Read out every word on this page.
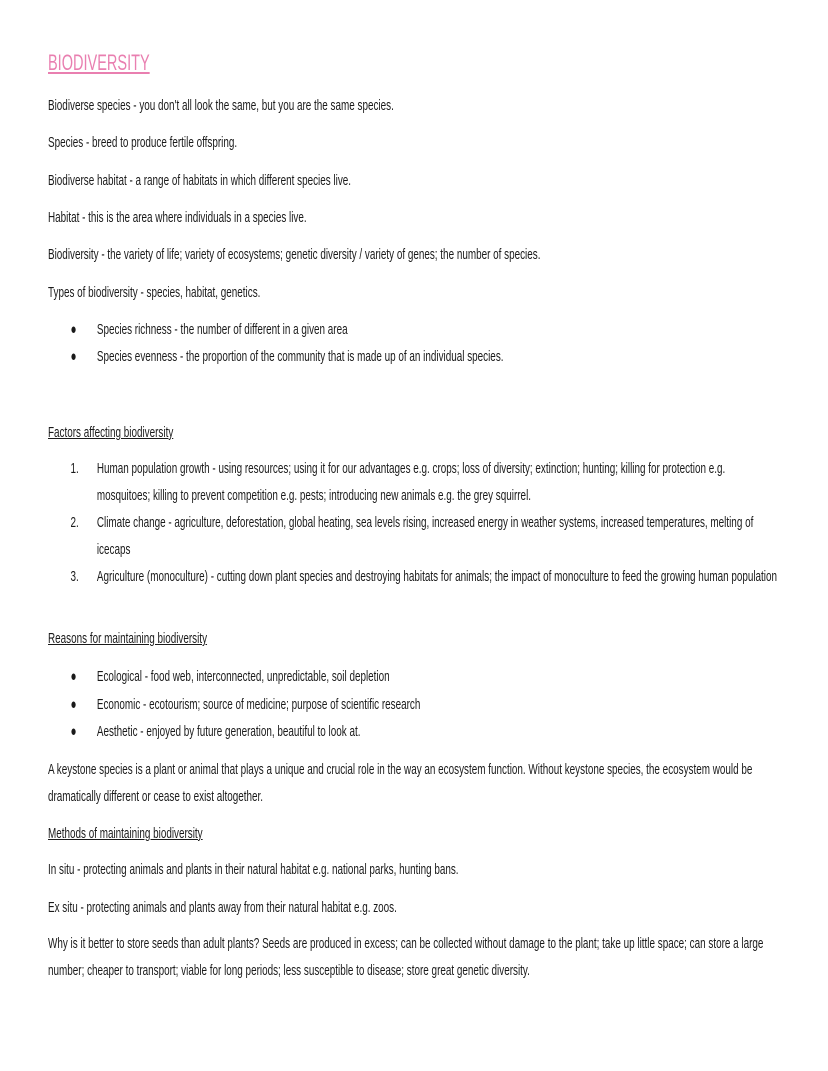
BIODIVERSITY

Biodiverse species - you don't all look the same, but you are the same species.

Species - breed to produce fertile offspring.

Biodiverse habitat - a range of habitats in which different species live.

Habitat - this is the area where individuals in a species live.

Biodiversity - the variety of life; variety of ecosystems; genetic diversity / variety of genes; the number of species.

Types of biodiversity - species, habitat, genetics.

● Species richness - the number of different in a given area
● Species evenness - the proportion of the community that is made up of an individual species.
Factors affecting biodiversity
1. Human population growth - using resources; using it for our advantages e.g. crops; loss of diversity; extinction; hunting; killing for protection e.g. mosquitoes; killing to prevent competition e.g. pests; introducing new animals e.g. the grey squirrel.
2. Climate change - agriculture, deforestation, global heating, sea levels rising, increased energy in weather systems, increased temperatures, melting of icecaps
3. Agriculture (monoculture) - cutting down plant species and destroying habitats for animals; the impact of monoculture to feed the growing human population
Reasons for maintaining biodiversity
● Ecological - food web, interconnected, unpredictable, soil depletion
● Economic - ecotourism; source of medicine; purpose of scientific research
● Aesthetic - enjoyed by future generation, beautiful to look at.

A keystone species is a plant or animal that plays a unique and crucial role in the way an ecosystem function. Without keystone species, the ecosystem would be dramatically different or cease to exist altogether.

Methods of maintaining biodiversity

In situ - protecting animals and plants in their natural habitat e.g. national parks, hunting bans.

Ex situ - protecting animals and plants away from their natural habitat e.g. zoos.

Why is it better to store seeds than adult plants? Seeds are produced in excess; can be collected without damage to the plant; take up little space; can store a large number; cheaper to transport; viable for long periods; less susceptible to disease; store great genetic diversity.
